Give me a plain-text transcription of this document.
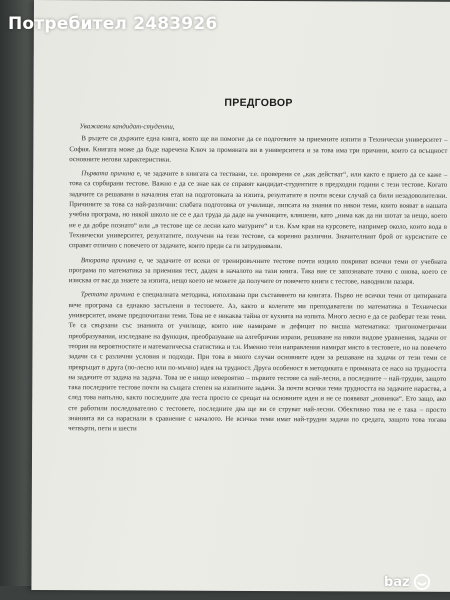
ПРЕДГОВОР

Уважаеми кандидат-студенти,

В ръцете си държите една книга, която ще ви помогне да се подготвите за приемните изпити в Технически университет – София. Книгата може да бъде наречена Ключ за промяната ви в университета и за това има три причини, които са всъщност основните негови характеристики.

Първата причина е, че задачите в книгата са тествани, т.е. проверени се „как действат“, или както е прието да се каже – това са сорбирани тестове. Важно е да се знае как се справят кандидат-студентите в предходни години с тези тестове. Когато задачите са решавани в началния етап на подготовката за изпита, резултатите в почти всеки случай са били незадоволителни. Причините за това са най-различни: слабата подготовка от училище, липсата на знания по някои теми, които вояват в нашата учебна програма, но някой школо не се е дал труда да даде на учениците, клишени, като „нима как да ни шотат за нещо, което не е да добре познато“ или „в тестове ще се лесни като матурите“ и т.н. Към края на курсовете, например около, които вода в Технически университет, резултатите, получени на тези тестове, са коренно различни. Значителният брой от курсистите се справят отлично с повечето от задачите, които преди са ги затруднявали.

Втората причина е, че задачите от всеки от тренировъчните тестове почти изцяло покриват всички теми от учебната програма по математика за приемния тест, даден в началото на тази книга. Така вие се запознавате точно с онова, което се изисква от вас да знаете за изпита, нещо което не можете да получите от повечето книги с тестове, наводнили пазаря.

Третата причина е специалната методика, използвана при съставянето на книгата. Първо не всички теми от цитираната вече програма са еднакво застъпени в тестовете. Аз, както и колегите ми преподаватели по математика в Технически университет, имаме предпочитани теми. Това не е никаква тайна от кухнята на изпита. Много лесно е да се разберат тези теми. Те са свързани със знанията от училище, които ние намираме и дефицит по висша математика: тригонометрични преобразувания, изследване на функция, преобразуване на алгебрични изрази, решаване на някои видове уравнения, задачи от теория на вероятностите и математическа статистика и т.н. Именно тези направления намират място в тестовете, но на повечето задачи са с различни условия и подходи. При това в много случаи основните идеи за решаване на задачи от тези теми се превръщат в друга (по-лесно или по-мъчно) идея на трудност. Друга особеност в методиката е промяната се насо на трудността на задачите от задача на задача. Това не е нищо невероятно – първите тестове са най-лесни, а последните – най-трудни, защото така последните тестове почти на същата степен на изпитните задачи. За почти всички теми трудността на задачите нараства, а след това напълно, както последните два теста просто се срещат на основните идеи и не се появяват „новинки“. Ето защо, ако сте работили последователно с тестовете, последните два ще ви се струват най-лесни. Обективно това не е така – просто знанията ви са нараснали в сравнение с началото. Не всички теми имат най-трудни задачи по средата, защото това тогава четвърти, пети и шести

Потребител 2483926
baz
